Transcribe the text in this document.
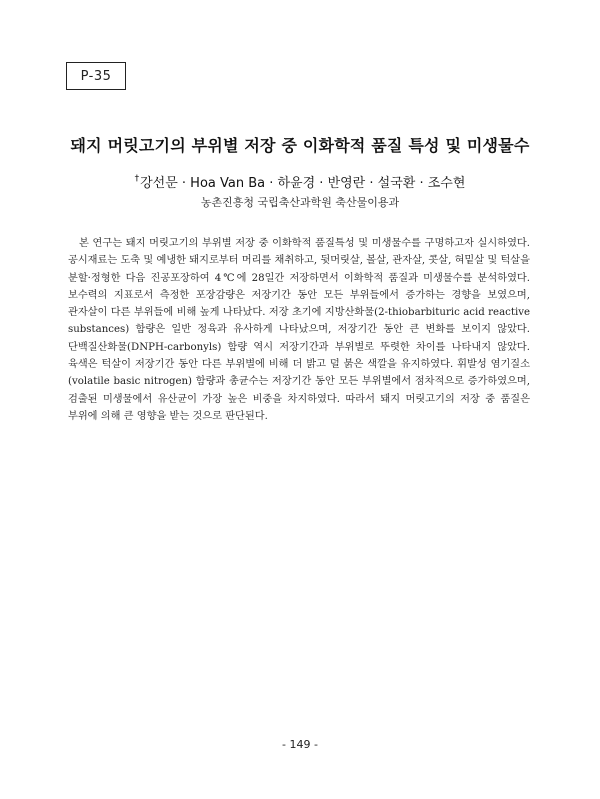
P-35
돼지 머릿고기의 부위별 저장 중 이화학적 품질 특성 및 미생물수
†강선문 · Hoa Van Ba · 하윤경 · 반영란 · 설국환 · 조수현
농촌진흥청 국립축산과학원 축산물이용과

본 연구는 돼지 머릿고기의 부위별 저장 중 이화학적 품질특성 및 미생물수를 구명하고자 실시하였다. 공시재료는 도축 및 예냉한 돼지로부터 머리를 채취하고, 뒷머릿살, 볼살, 관자살, 콧살, 혀밑살 및 턱살을 분할·정형한 다음 진공포장하여 4℃에 28일간 저장하면서 이화학적 품질과 미생물수를 분석하였다. 보수력의 지표로서 측정한 포장감량은 저장기간 동안 모든 부위들에서 증가하는 경향을 보였으며, 관자살이 다른 부위들에 비해 높게 나타났다. 저장 초기에 지방산화물(2-thiobarbituric acid reactive substances) 함량은 일반 정육과 유사하게 나타났으며, 저장기간 동안 큰 변화를 보이지 않았다. 단백질산화물(DNPH-carbonyls) 함량 역시 저장기간과 부위별로 뚜렷한 차이를 나타내지 않았다. 육색은 턱살이 저장기간 동안 다른 부위별에 비해 더 밝고 덜 붉은 색깔을 유지하였다. 휘발성 염기질소(volatile basic nitrogen) 함량과 총균수는 저장기간 동안 모든 부위별에서 점차적으로 증가하였으며, 검출된 미생물에서 유산균이 가장 높은 비중을 차지하였다. 따라서 돼지 머릿고기의 저장 중 품질은 부위에 의해 큰 영향을 받는 것으로 판단된다.

- 149 -
